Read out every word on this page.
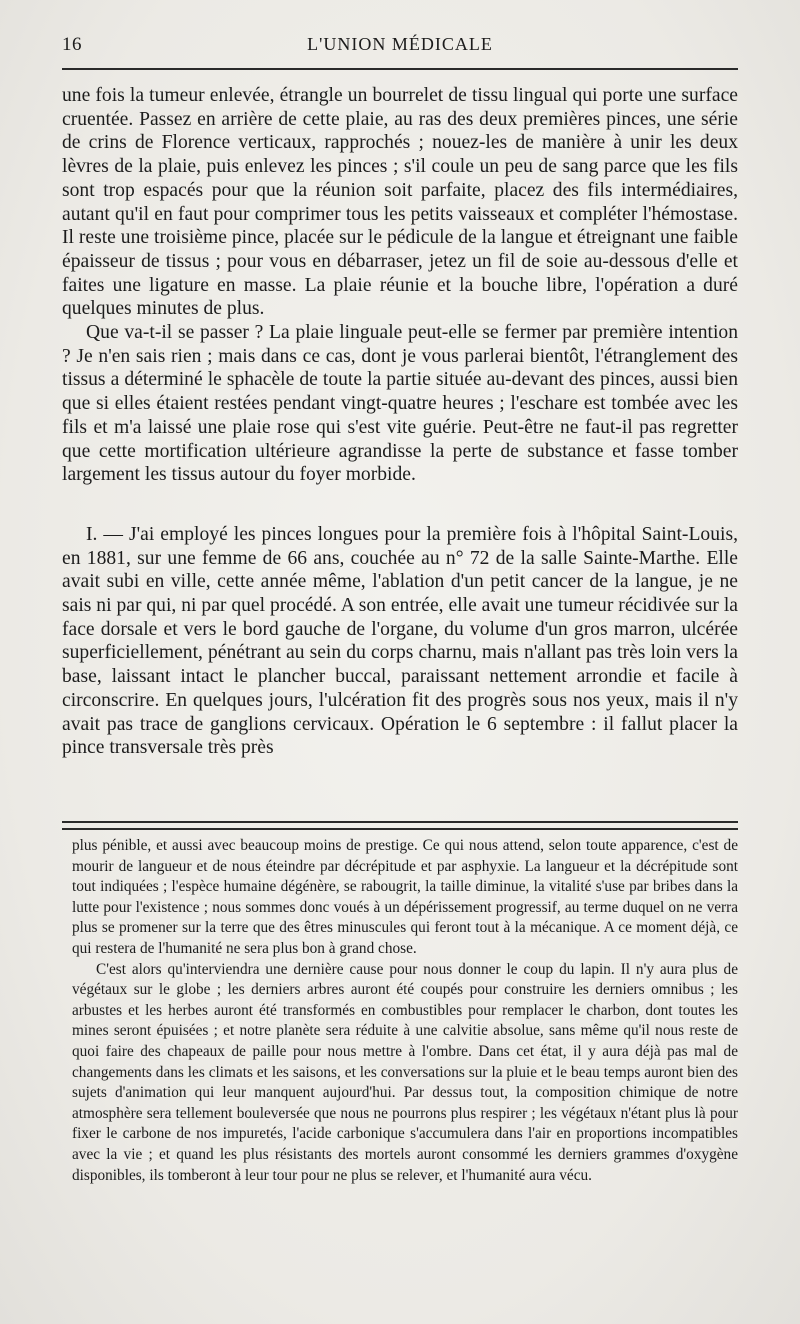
16	L'UNION MÉDICALE

une fois la tumeur enlevée, étrangle un bourrelet de tissu lingual qui porte une surface cruentée. Passez en arrière de cette plaie, au ras des deux premières pinces, une série de crins de Florence verticaux, rapprochés ; nouez-les de manière à unir les deux lèvres de la plaie, puis enlevez les pinces ; s'il coule un peu de sang parce que les fils sont trop espacés pour que la réunion soit parfaite, placez des fils intermédiaires, autant qu'il en faut pour comprimer tous les petits vaisseaux et compléter l'hémostase. Il reste une troisième pince, placée sur le pédicule de la langue et étreignant une faible épaisseur de tissus ; pour vous en débarraser, jetez un fil de soie au-dessous d'elle et faites une ligature en masse. La plaie réunie et la bouche libre, l'opération a duré quelques minutes de plus.

Que va-t-il se passer ? La plaie linguale peut-elle se fermer par première intention ? Je n'en sais rien ; mais dans ce cas, dont je vous parlerai bientôt, l'étranglement des tissus a déterminé le sphacèle de toute la partie située au-devant des pinces, aussi bien que si elles étaient restées pendant vingt-quatre heures ; l'eschare est tombée avec les fils et m'a laissé une plaie rose qui s'est vite guérie. Peut-être ne faut-il pas regretter que cette mortification ultérieure agrandisse la perte de substance et fasse tomber largement les tissus autour du foyer morbide.

I. — J'ai employé les pinces longues pour la première fois à l'hôpital Saint-Louis, en 1881, sur une femme de 66 ans, couchée au n° 72 de la salle Sainte-Marthe. Elle avait subi en ville, cette année même, l'ablation d'un petit cancer de la langue, je ne sais ni par qui, ni par quel procédé. A son entrée, elle avait une tumeur récidivée sur la face dorsale et vers le bord gauche de l'organe, du volume d'un gros marron, ulcérée superficiellement, pénétrant au sein du corps charnu, mais n'allant pas très loin vers la base, laissant intact le plancher buccal, paraissant nettement arrondie et facile à circonscrire. En quelques jours, l'ulcération fit des progrès sous nos yeux, mais il n'y avait pas trace de ganglions cervicaux. Opération le 6 septembre : il fallut placer la pince transversale très près

plus pénible, et aussi avec beaucoup moins de prestige. Ce qui nous attend, selon toute apparence, c'est de mourir de langueur et de nous éteindre par décrépitude et par asphyxie. La langueur et la décrépitude sont tout indiquées ; l'espèce humaine dégénère, se rabougrit, la taille diminue, la vitalité s'use par bribes dans la lutte pour l'existence ; nous sommes donc voués à un dépérissement progressif, au terme duquel on ne verra plus se promener sur la terre que des êtres minuscules qui feront tout à la mécanique. A ce moment déjà, ce qui restera de l'humanité ne sera plus bon à grand chose.

C'est alors qu'interviendra une dernière cause pour nous donner le coup du lapin. Il n'y aura plus de végétaux sur le globe ; les derniers arbres auront été coupés pour construire les derniers omnibus ; les arbustes et les herbes auront été transformés en combustibles pour remplacer le charbon, dont toutes les mines seront épuisées ; et notre planète sera réduite à une calvitie absolue, sans même qu'il nous reste de quoi faire des chapeaux de paille pour nous mettre à l'ombre. Dans cet état, il y aura déjà pas mal de changements dans les climats et les saisons, et les conversations sur la pluie et le beau temps auront bien des sujets d'animation qui leur manquent aujourd'hui. Par dessus tout, la composition chimique de notre atmosphère sera tellement bouleversée que nous ne pourrons plus respirer ; les végétaux n'étant plus là pour fixer le carbone de nos impuretés, l'acide carbonique s'accumulera dans l'air en proportions incompatibles avec la vie ; et quand les plus résistants des mortels auront consommé les derniers grammes d'oxygène disponibles, ils tomberont à leur tour pour ne plus se relever, et l'humanité aura vécu.
